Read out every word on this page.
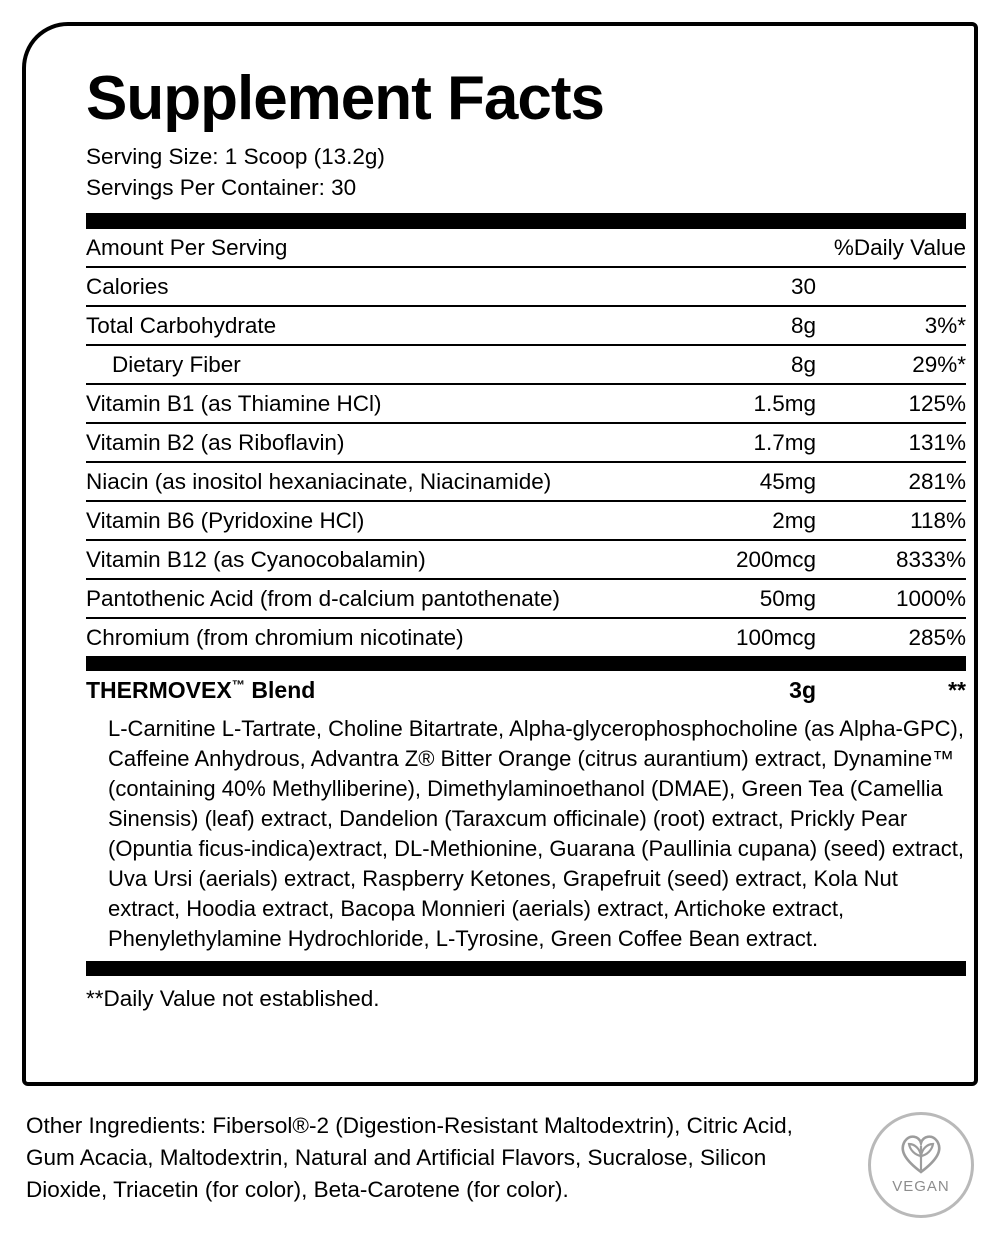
Supplement Facts
Serving Size: 1 Scoop (13.2g)
Servings Per Container: 30
Amount Per Serving		%Daily Value
Calories	30	
Total Carbohydrate	8g	3%*
Dietary Fiber	8g	29%*
Vitamin B1 (as Thiamine HCl)	1.5mg	125%
Vitamin B2 (as Riboflavin)	1.7mg	131%
Niacin (as inositol hexaniacinate, Niacinamide)	45mg	281%
Vitamin B6 (Pyridoxine HCl)	2mg	118%
Vitamin B12 (as Cyanocobalamin)	200mcg	8333%
Pantothenic Acid (from d-calcium pantothenate)	50mg	1000%
Chromium (from chromium nicotinate)	100mcg	285%
THERMOVEX™ Blend	3g	**
L-Carnitine L-Tartrate, Choline Bitartrate, Alpha-glycerophosphocholine (as Alpha-GPC), Caffeine Anhydrous, Advantra Z® Bitter Orange (citrus aurantium) extract, Dynamine™ (containing 40% Methylliberine), Dimethylaminoethanol (DMAE), Green Tea (Camellia Sinensis) (leaf) extract, Dandelion (Taraxcum officinale) (root) extract, Prickly Pear (Opuntia ficus-indica)extract, DL-Methionine, Guarana (Paullinia cupana) (seed) extract, Uva Ursi (aerials) extract, Raspberry Ketones, Grapefruit (seed) extract, Kola Nut extract, Hoodia extract, Bacopa Monnieri (aerials) extract, Artichoke extract, Phenylethylamine Hydrochloride, L-Tyrosine, Green Coffee Bean extract.
**Daily Value not established.
Other Ingredients: Fibersol®-2 (Digestion-Resistant Maltodextrin), Citric Acid, Gum Acacia, Maltodextrin, Natural and Artificial Flavors, Sucralose, Silicon Dioxide, Triacetin (for color), Beta-Carotene (for color).	VEGAN
